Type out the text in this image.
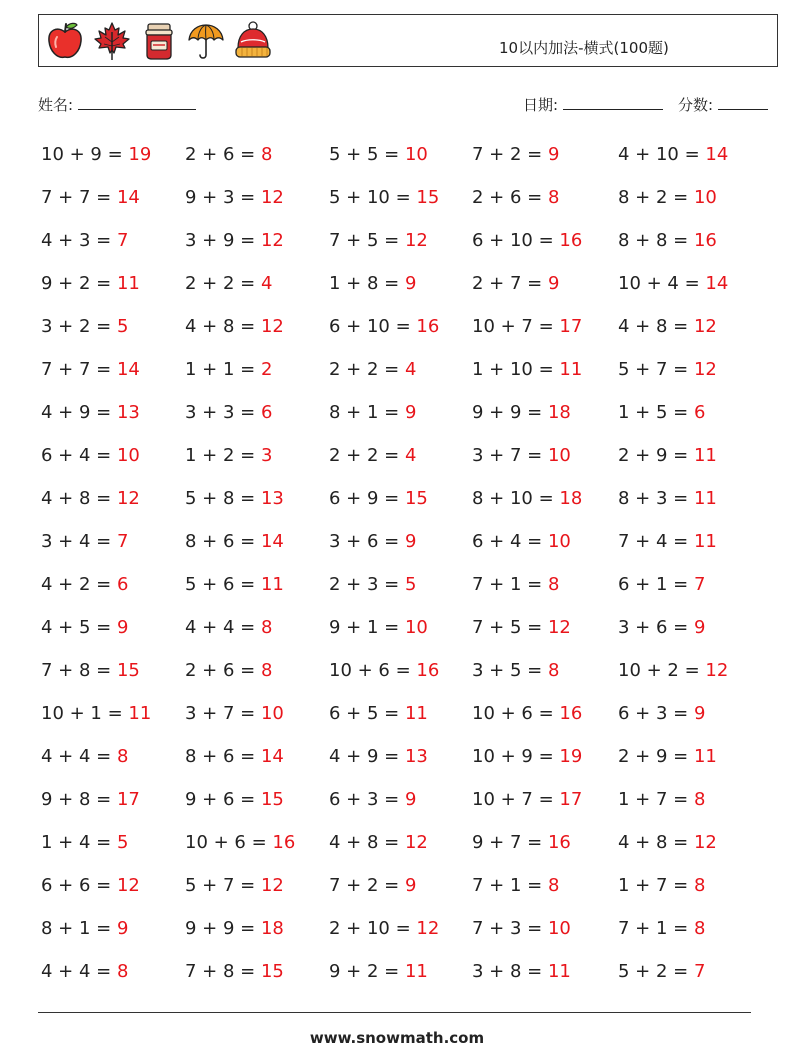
10以内加法-横式(100题)
姓名:	日期:	分数:
10 + 9 = 19 2 + 6 = 8	5 + 5 = 10 7 + 2 = 9	4 + 10 = 14
7 + 7 = 14	9 + 3 = 12	5 + 10 = 15 2 + 6 = 8	8 + 2 = 10
4 + 3 = 7	3 + 9 = 12	7 + 5 = 12 6 + 10 = 16 8 + 8 = 16
9 + 2 = 11	2 + 2 = 4	1 + 8 = 9	2 + 7 = 9	10 + 4 = 14
3 + 2 = 5	4 + 8 = 12	6 + 10 = 16 10 + 7 = 17 4 + 8 = 12
7 + 7 = 14	1 + 1 = 2	2 + 2 = 4	1 + 10 = 11 5 + 7 = 12
4 + 9 = 13	3 + 3 = 6	8 + 1 = 9	9 + 9 = 18	1 + 5 = 6
6 + 4 = 10	1 + 2 = 3	2 + 2 = 4	3 + 7 = 10	2 + 9 = 11
4 + 8 = 12	5 + 8 = 13	6 + 9 = 15 8 + 10 = 18 8 + 3 = 11
3 + 4 = 7	8 + 6 = 14	3 + 6 = 9	6 + 4 = 10	7 + 4 = 11
4 + 2 = 6	5 + 6 = 11	2 + 3 = 5	7 + 1 = 8	6 + 1 = 7
4 + 5 = 9	4 + 4 = 8	9 + 1 = 10 7 + 5 = 12	3 + 6 = 9
7 + 8 = 15	2 + 6 = 8	10 + 6 = 16 3 + 5 = 8	10 + 2 = 12
10 + 1 = 11 3 + 7 = 10	6 + 5 = 11 10 + 6 = 16 6 + 3 = 9
4 + 4 = 8	8 + 6 = 14	4 + 9 = 13 10 + 9 = 19 2 + 9 = 11
9 + 8 = 17	9 + 6 = 15	6 + 3 = 9	10 + 7 = 17 1 + 7 = 8
1 + 4 = 5	10 + 6 = 16 4 + 8 = 12 9 + 7 = 16	4 + 8 = 12
6 + 6 = 12	5 + 7 = 12	7 + 2 = 9	7 + 1 = 8	1 + 7 = 8
8 + 1 = 9	9 + 9 = 18	2 + 10 = 12 7 + 3 = 10	7 + 1 = 8
4 + 4 = 8	7 + 8 = 15	9 + 2 = 11 3 + 8 = 11	5 + 2 = 7
www.snowmath.com
